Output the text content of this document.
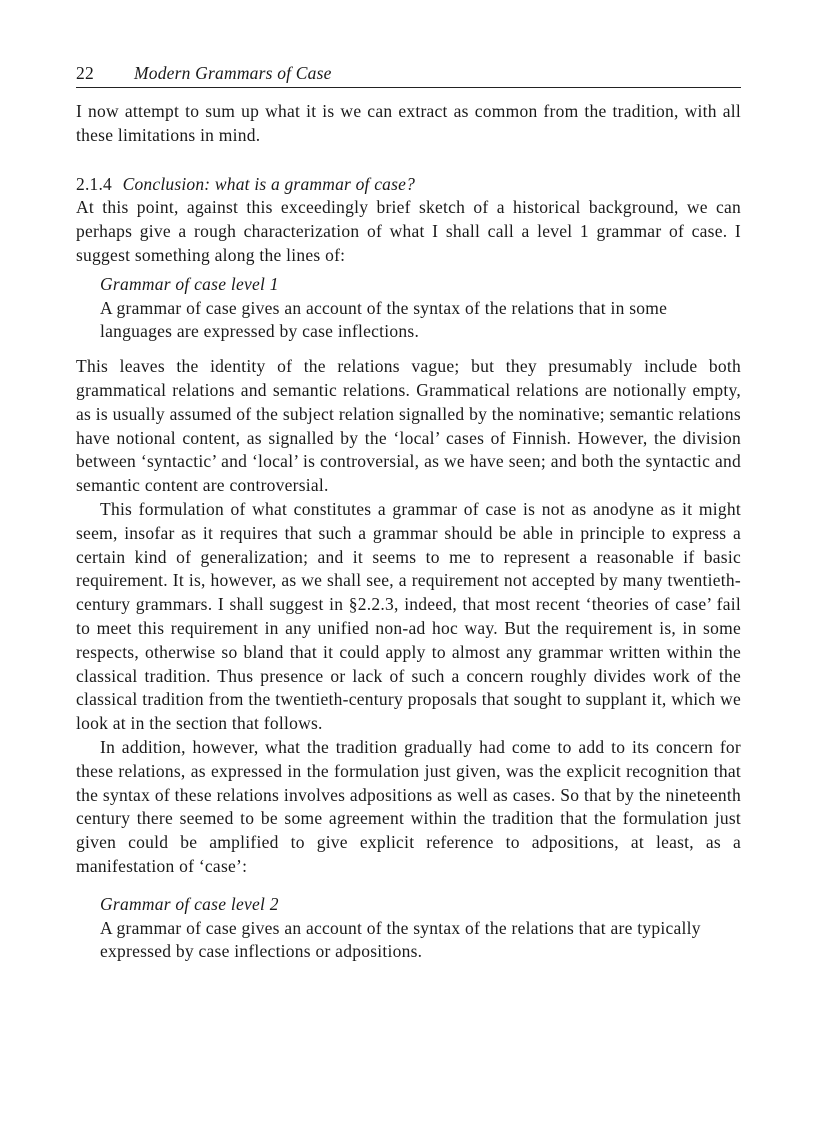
22	Modern Grammars of Case

I now attempt to sum up what it is we can extract as common from the tradition, with all these limitations in mind.

2.1.4 Conclusion: what is a grammar of case?

At this point, against this exceedingly brief sketch of a historical background, we can perhaps give a rough characterization of what I shall call a level 1 grammar of case. I suggest something along the lines of:

Grammar of case level 1
A grammar of case gives an account of the syntax of the relations that in some languages are expressed by case inflections.

This leaves the identity of the relations vague; but they presumably include both grammatical relations and semantic relations. Grammatical relations are notionally empty, as is usually assumed of the subject relation signalled by the nominative; semantic relations have notional content, as signalled by the ‘local’ cases of Finnish. However, the division between ‘syntactic’ and ‘local’ is controversial, as we have seen; and both the syntactic and semantic content are controversial.

This formulation of what constitutes a grammar of case is not as anodyne as it might seem, insofar as it requires that such a grammar should be able in principle to express a certain kind of generalization; and it seems to me to represent a reasonable if basic requirement. It is, however, as we shall see, a requirement not accepted by many twentieth-century grammars. I shall suggest in §2.2.3, indeed, that most recent ‘theories of case’ fail to meet this requirement in any unified non-ad hoc way. But the requirement is, in some respects, otherwise so bland that it could apply to almost any grammar written within the classical tradition. Thus presence or lack of such a concern roughly divides work of the classical tradition from the twentieth-century proposals that sought to supplant it, which we look at in the section that follows.

In addition, however, what the tradition gradually had come to add to its concern for these relations, as expressed in the formulation just given, was the explicit recognition that the syntax of these relations involves adpositions as well as cases. So that by the nineteenth century there seemed to be some agreement within the tradition that the formulation just given could be amplified to give explicit reference to adpositions, at least, as a manifestation of ‘case’:

Grammar of case level 2
A grammar of case gives an account of the syntax of the relations that are typically expressed by case inflections or adpositions.
